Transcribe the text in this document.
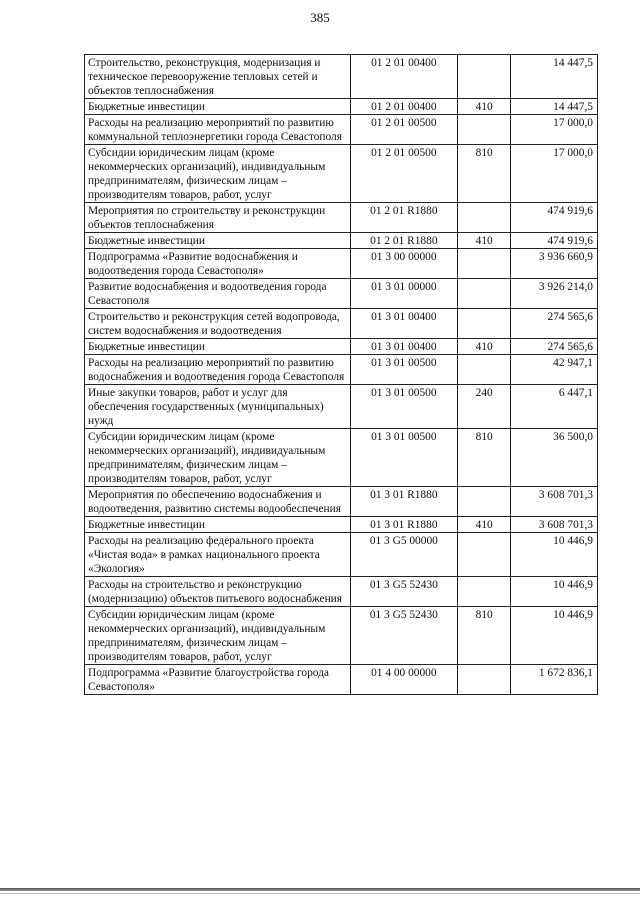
385
Строительство, реконструкция, модернизация и техническое перевооружение тепловых сетей и объектов теплоснабжения	01 2 01 00400		14 447,5
Бюджетные инвестиции	01 2 01 00400	410	14 447,5
Расходы на реализацию мероприятий по развитию коммунальной теплоэнергетики города Севастополя	01 2 01 00500		17 000,0
Субсидии юридическим лицам (кроме некоммерческих организаций), индивидуальным предпринимателям, физическим лицам – производителям товаров, работ, услуг	01 2 01 00500	810	17 000,0
Мероприятия по строительству и реконструкции объектов теплоснабжения	01 2 01 R1880		474 919,6
Бюджетные инвестиции	01 2 01 R1880	410	474 919,6
Подпрограмма «Развитие водоснабжения и водоотведения города Севастополя»	01 3 00 00000		3 936 660,9
Развитие водоснабжения и водоотведения города Севастополя	01 3 01 00000		3 926 214,0
Строительство и реконструкция сетей водопровода, систем водоснабжения и водоотведения	01 3 01 00400		274 565,6
Бюджетные инвестиции	01 3 01 00400	410	274 565,6
Расходы на реализацию мероприятий по развитию водоснабжения и водоотведения города Севастополя	01 3 01 00500		42 947,1
Иные закупки товаров, работ и услуг для обеспечения государственных (муниципальных) нужд	01 3 01 00500	240	6 447,1
Субсидии юридическим лицам (кроме некоммерческих организаций), индивидуальным предпринимателям, физическим лицам – производителям товаров, работ, услуг	01 3 01 00500	810	36 500,0
Мероприятия по обеспечению водоснабжения и водоотведения, развитию системы водообеспечения	01 3 01 R1880		3 608 701,3
Бюджетные инвестиции	01 3 01 R1880	410	3 608 701,3
Расходы на реализацию федерального проекта «Чистая вода» в рамках национального проекта «Экология»	01 3 G5 00000		10 446,9
Расходы на строительство и реконструкцию (модернизацию) объектов питьевого водоснабжения	01 3 G5 52430		10 446,9
Субсидии юридическим лицам (кроме некоммерческих организаций), индивидуальным предпринимателям, физическим лицам – производителям товаров, работ, услуг	01 3 G5 52430	810	10 446,9
Подпрограмма «Развитие благоустройства города Севастополя»	01 4 00 00000		1 672 836,1
